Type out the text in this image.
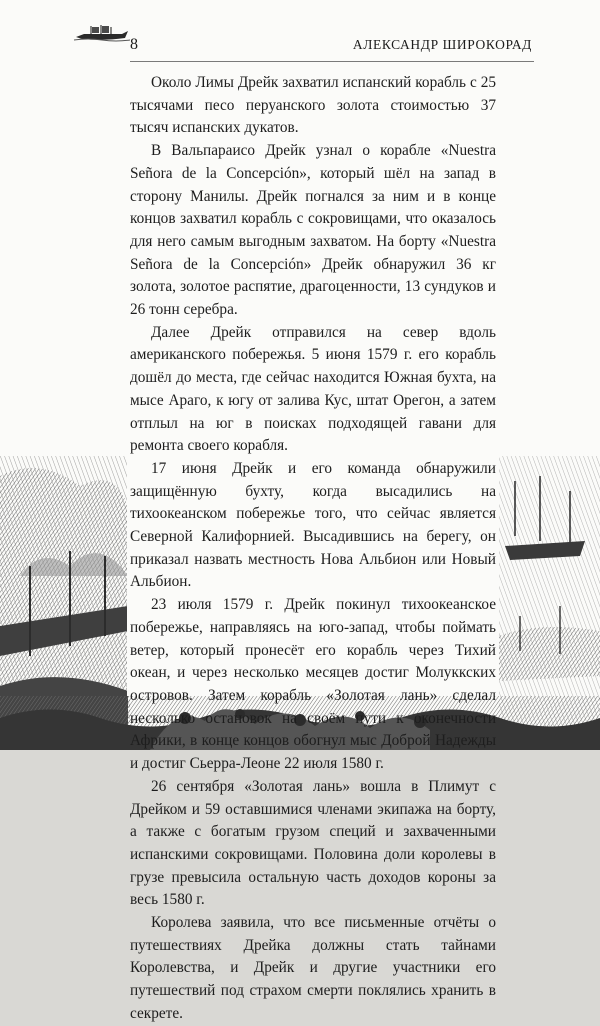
8	АЛЕКСАНДР ШИРОКОРАД

Около Лимы Дрейк захватил испанский корабль с 25 тысячами песо перуанского золота стоимостью 37 тысяч испанских дукатов.

В Вальпараисо Дрейк узнал о корабле «Nuestra Señora de la Concepción», который шёл на запад в сторону Манилы. Дрейк погнался за ним и в конце концов захватил корабль с сокровищами, что оказалось для него самым выгодным захватом. На борту «Nuestra Señora de la Concepción» Дрейк обнаружил 36 кг золота, золотое распятие, драгоценности, 13 сундуков и 26 тонн серебра.

Далее Дрейк отправился на север вдоль американского побережья. 5 июня 1579 г. его корабль дошёл до места, где сейчас находится Южная бухта, на мысе Араго, к югу от залива Кус, штат Орегон, а затем отплыл на юг в поисках подходящей гавани для ремонта своего корабля.

17 июня Дрейк и его команда обнаружили защищённую бухту, когда высадились на тихоокеанском побережье того, что сейчас является Северной Калифорнией. Высадившись на берегу, он приказал назвать местность Нова Альбион или Новый Альбион.

23 июля 1579 г. Дрейк покинул тихоокеанское побережье, направляясь на юго-запад, чтобы поймать ветер, который пронесёт его корабль через Тихий океан, и через несколько месяцев достиг Молуккских островов. Затем корабль «Золотая лань» сделал несколько остановок на своём пути к оконечности Африки, в конце концов обогнул мыс Доброй Надежды и достиг Сьерра-Леоне 22 июля 1580 г.

26 сентября «Золотая лань» вошла в Плимут с Дрейком и 59 оставшимися членами экипажа на борту, а также с богатым грузом специй и захваченными испанскими сокровищами. Половина доли королевы в грузе превысила остальную часть доходов короны за весь 1580 г.

Королева заявила, что все письменные отчёты о путешествиях Дрейка должны стать тайнами Королевства, и Дрейк и другие участники его путешествий под страхом смерти поклялись хранить в секрете.
